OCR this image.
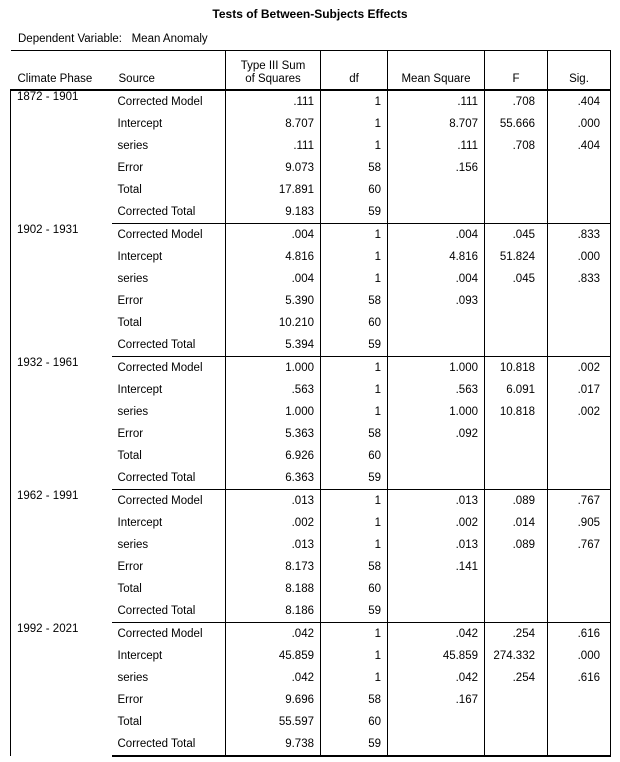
Tests of Between-Subjects Effects
Dependent Variable: Mean Anomaly
Climate Phase	Source	Type III Sum
of Squares	df	Mean Square	F	Sig.
1872 - 1901	Corrected Model	.111	1	.111	.708	.404
	Intercept	8.707	1	8.707	55.666	.000
	series	.111	1	.111	.708	.404
	Error	9.073	58	.156		
	Total	17.891	60			
	Corrected Total	9.183	59			
1902 - 1931	Corrected Model	.004	1	.004	.045	.833
	Intercept	4.816	1	4.816	51.824	.000
	series	.004	1	.004	.045	.833
	Error	5.390	58	.093		
	Total	10.210	60			
	Corrected Total	5.394	59			
1932 - 1961	Corrected Model	1.000	1	1.000	10.818	.002
	Intercept	.563	1	.563	6.091	.017
	series	1.000	1	1.000	10.818	.002
	Error	5.363	58	.092		
	Total	6.926	60			
	Corrected Total	6.363	59			
1962 - 1991	Corrected Model	.013	1	.013	.089	.767
	Intercept	.002	1	.002	.014	.905
	series	.013	1	.013	.089	.767
	Error	8.173	58	.141		
	Total	8.188	60			
	Corrected Total	8.186	59			
1992 - 2021	Corrected Model	.042	1	.042	.254	.616
	Intercept	45.859	1	45.859	274.332	.000
	series	.042	1	.042	.254	.616
	Error	9.696	58	.167		
	Total	55.597	60			
	Corrected Total	9.738	59			
